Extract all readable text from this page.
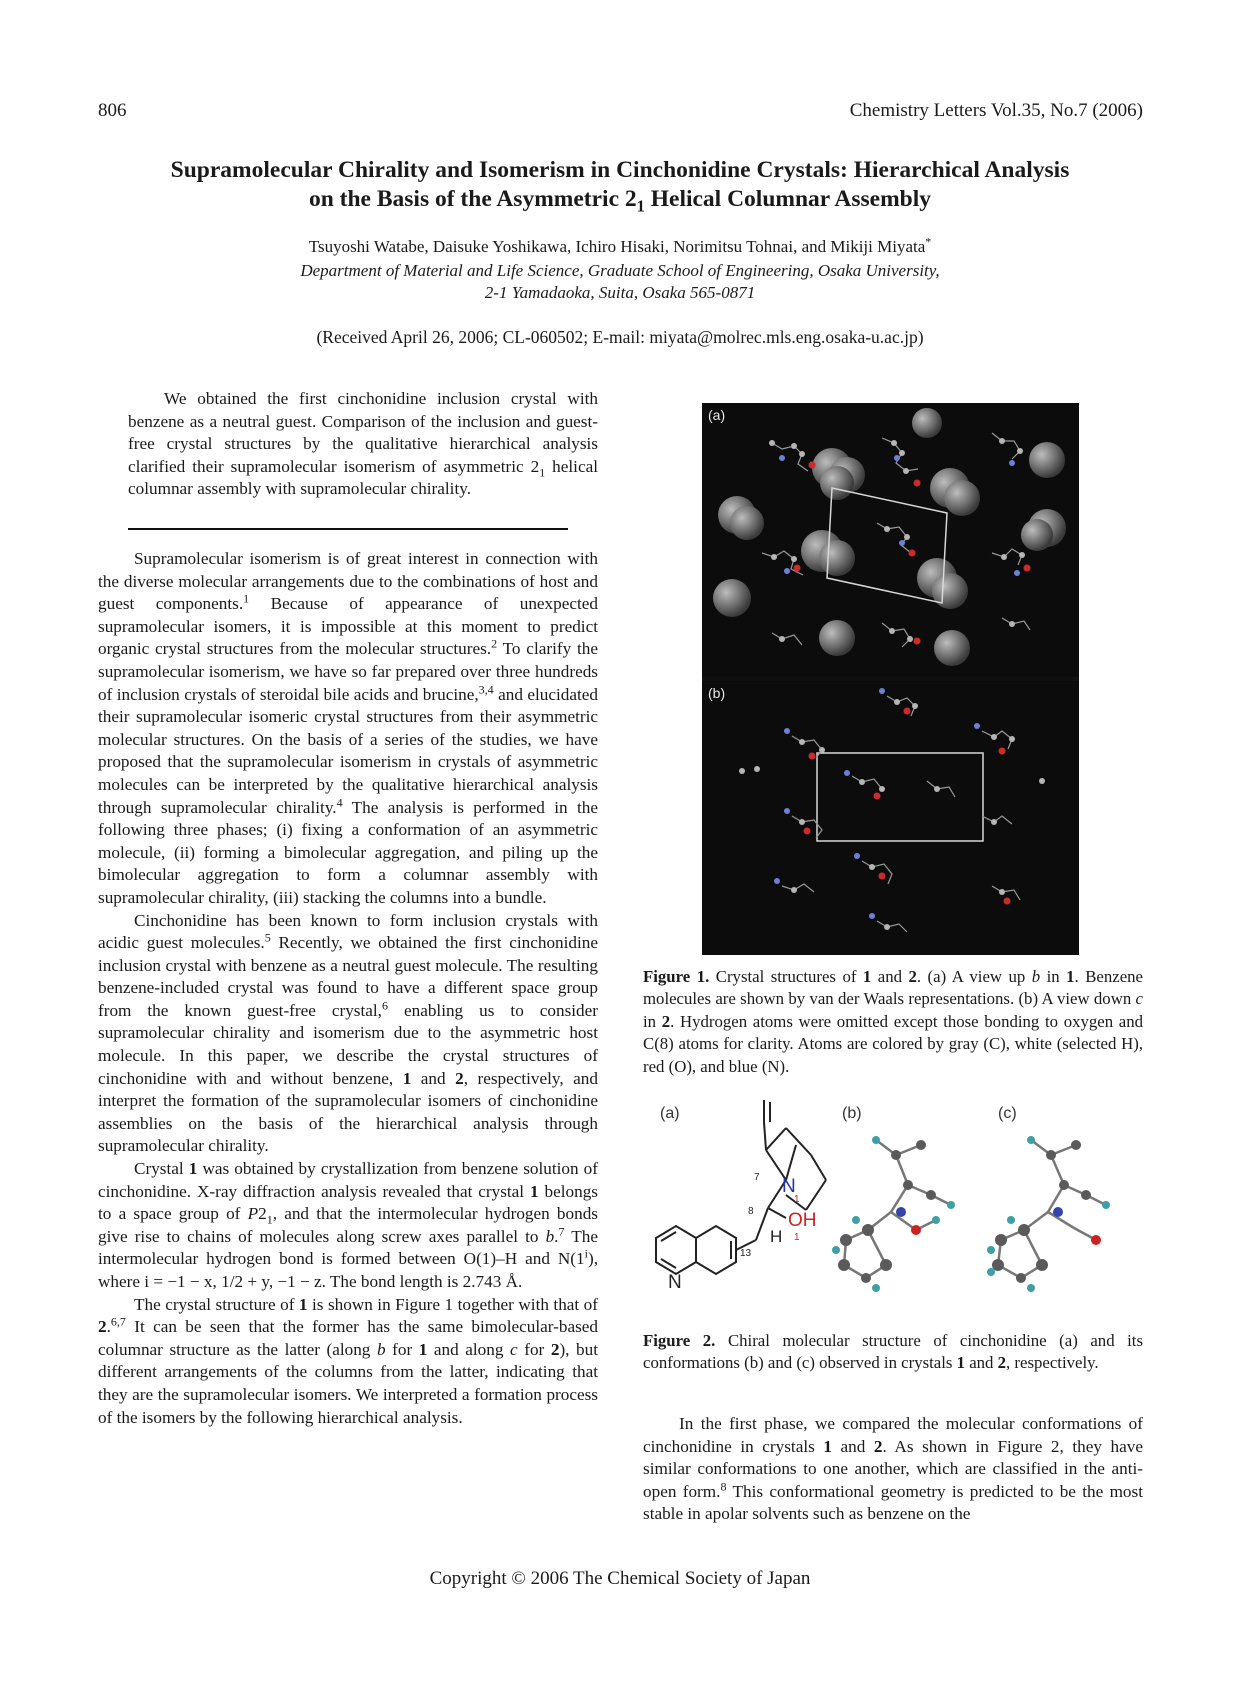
806	Chemistry Letters Vol.35, No.7 (2006)
Supramolecular Chirality and Isomerism in Cinchonidine Crystals: Hierarchical Analysis
on the Basis of the Asymmetric $2_1$ Helical Columnar Assembly
Tsuyoshi Watabe, Daisuke Yoshikawa, Ichiro Hisaki, Norimitsu Tohnai, and Mikiji Miyata*
Department of Material and Life Science, Graduate School of Engineering, Osaka University,
2-1 Yamadaoka, Suita, Osaka 565-0871
(Received April 26, 2006; CL-060502; E-mail: miyata@molrec.mls.eng.osaka-u.ac.jp)

We obtained the first cinchonidine inclusion crystal with benzene as a neutral guest. Comparison of the inclusion and guest-free crystal structures by the qualitative hierarchical analysis clarified their supramolecular isomerism of asymmetric $2_1$ helical columnar assembly with supramolecular chirality.

Supramolecular isomerism is of great interest in connection with the diverse molecular arrangements due to the combinations of host and guest components.$^1$ Because of appearance of unexpected supramolecular isomers, it is impossible at this moment to predict organic crystal structures from the molecular structures.$^2$ To clarify the supramolecular isomerism, we have so far prepared over three hundreds of inclusion crystals of steroidal bile acids and brucine,$^{3,4}$ and elucidated their supramolecular isomeric crystal structures from their asymmetric molecular structures. On the basis of a series of the studies, we have proposed that the supramolecular isomerism in crystals of asymmetric molecules can be interpreted by the qualitative hierarchical analysis through supramolecular chirality.$^4$ The analysis is performed in the following three phases; (i) fixing a conformation of an asymmetric molecule, (ii) forming a bimolecular aggregation, and piling up the bimolecular aggregation to form a columnar assembly with supramolecular chirality, (iii) stacking the columns into a bundle.

Cinchonidine has been known to form inclusion crystals with acidic guest molecules.$^5$ Recently, we obtained the first cinchonidine inclusion crystal with benzene as a neutral guest molecule. The resulting benzene-included crystal was found to have a different space group from the known guest-free crystal,$^6$ enabling us to consider supramolecular chirality and isomerism due to the asymmetric host molecule. In this paper, we describe the crystal structures of cinchonidine with and without benzene, 1 and 2, respectively, and interpret the formation of the supramolecular isomers of cinchonidine assemblies on the basis of the hierarchical analysis through supramolecular chirality.

Crystal 1 was obtained by crystallization from benzene solution of cinchonidine. X-ray diffraction analysis revealed that crystal 1 belongs to a space group of $P2_1$, and that the intermolecular hydrogen bonds give rise to chains of molecules along screw axes parallel to b.$^7$ The intermolecular hydrogen bond is formed between O(1)–H and N(1$^i$), where i = −1 − x, 1/2 + y, −1 − z. The bond length is 2.743 Å.

The crystal structure of 1 is shown in Figure 1 together with that of 2.$^{6,7}$ It can be seen that the former has the same bimolecular-based columnar structure as the latter (along b for 1 and along c for 2), but different arrangements of the columns from the latter, indicating that they are the supramolecular isomers. We interpreted a formation process of the isomers by the following hierarchical analysis.

(a)
(b)
Figure 1. Crystal structures of 1 and 2. (a) A view up b in 1. Benzene molecules are shown by van der Waals representations. (b) A view down c in 2. Hydrogen atoms were omitted except those bonding to oxygen and C(8) atoms for clarity. Atoms are colored by gray (C), white (selected H), red (O), and blue (N).
(a)	(b)	(c)
N
1
OH
1
H
N
7
8
13
Figure 2. Chiral molecular structure of cinchonidine (a) and its conformations (b) and (c) observed in crystals 1 and 2, respectively.

In the first phase, we compared the molecular conformations of cinchonidine in crystals 1 and 2. As shown in Figure 2, they have similar conformations to one another, which are classified in the anti-open form.$^8$ This conformational geometry is predicted to be the most stable in apolar solvents such as benzene on the

Copyright © 2006 The Chemical Society of Japan
